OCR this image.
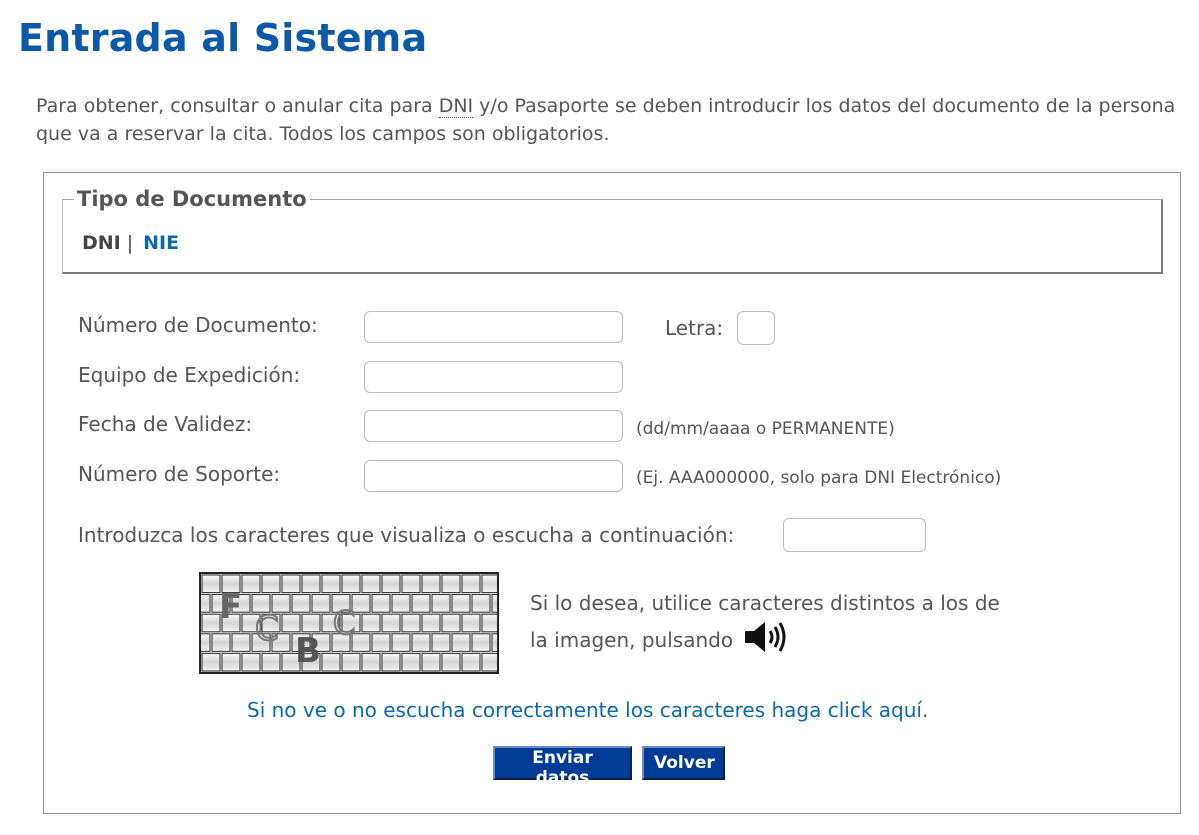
Entrada al Sistema

Para obtener, consultar o anular cita para DNI y/o Pasaporte se deben introducir los datos del documento de la persona que va a reservar la cita. Todos los campos son obligatorios.

Tipo de Documento
DNI | NIE
Número de Documento:	Letra:
Equipo de Expedición:
Fecha de Validez:	(dd/mm/aaaa o PERMANENTE)
Número de Soporte:	(Ej. AAA000000, solo para DNI Electrónico)
Introduzca los caracteres que visualiza o escucha a continuación:
F
C
B
C
Si lo desea, utilice caracteres distintos a los de la imagen, pulsando
Si no ve o no escucha correctamente los caracteres haga click aquí.
Enviar datos
Volver
